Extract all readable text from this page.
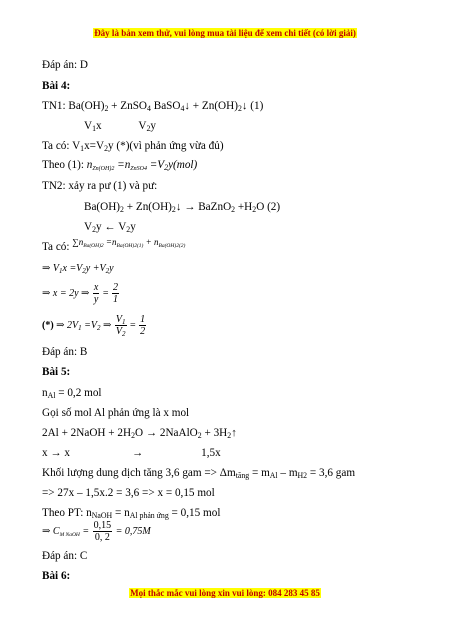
Đây là bản xem thử, vui lòng mua tài liệu để xem chi tiết (có lời giải)
Đáp án: D
Bài 4:
TN1: $Ba(OH)_2$ + ZnSO$_4$ BaSO$_4$↓ + $Zn(OH)_2↓$ (1)
$V_1x$	$V_2y$
Ta có: $V_1x=V_2y$ (*)(vì phản ứng vừa đủ)
Theo (1): $n_{Zn(OH)2} =n_{ZnSO4} =V_2y(mol)$
TN2: xảy ra pư (1) và pư:
$Ba(OH)_2$ + $Zn(OH)_2↓$ → BaZnO$_2$ $+H_2O$ (2)
$V_2y$ ← $V_2y$
Ta có: $^{\sum n_{Ba(OH)2} =n_{Ba(OH)2(1)} + n_{Ba(OH)2(2)}}$
⇒ $V_1x =V_2y +V_2y$
⇒ x = 2y ⇒ $\frac{x}{y} = \frac{2}{1}$
(*) ⇒ $2V_1 =V_2$ ⇒ $\frac{V_1}{V_2} = \frac{1}{2}$
Đáp án: B
Bài 5:
$n_{Al} = 0,2$ mol
Gọi số mol Al phản ứng là x mol
2Al + 2NaOH + $2H_2O$ → 2NaAlO$_2$ + $3H_2↑$
x → x	→	1,5x
Khối lượng dung dịch tăng 3,6 gam => $\Delta m_{tăng} = m_{Al} - m_{H2} = 3,6$ gam
=> 27x – 1,5x.2 = 3,6 => x = 0,15 mol
Theo PT: $n_{NaOH} = n_{Al phản ứng} = 0,15$ mol
⇒ $C_{M NaOH} = \frac{0,15}{0, 2} = 0,75M$
Đáp án: C
Bài 6:
Mọi thắc mắc vui lòng xin vui lòng: 084 283 45 85
